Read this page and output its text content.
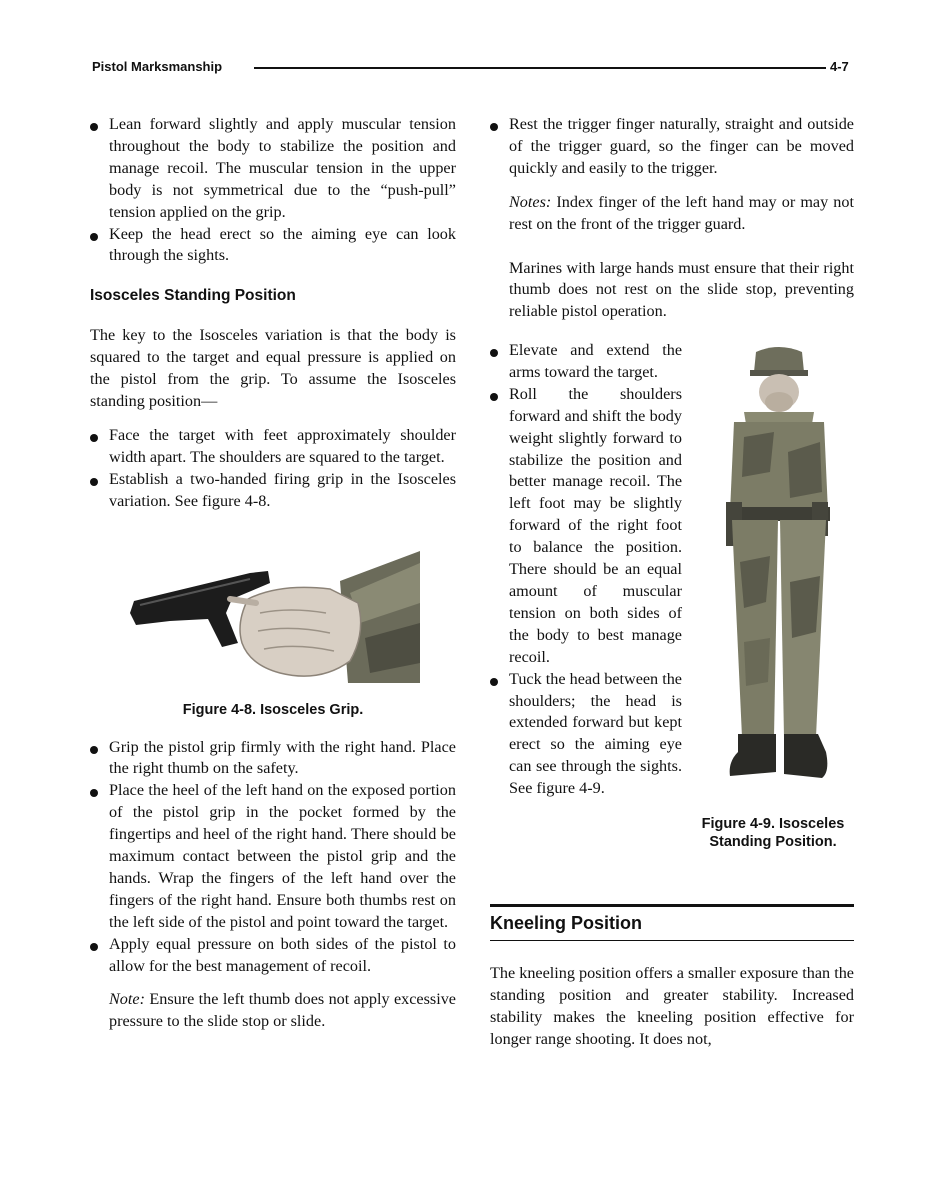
Pistol Marksmanship	4-7
Lean forward slightly and apply muscular tension throughout the body to stabilize the position and manage recoil. The muscular tension in the upper body is not symmetrical due to the “push-pull” tension applied on the grip.
Keep the head erect so the aiming eye can look through the sights.
Isosceles Standing Position

The key to the Isosceles variation is that the body is squared to the target and equal pressure is applied on the pistol from the grip. To assume the Isosceles standing position—

Face the target with feet approximately shoulder width apart. The shoulders are squared to the target.
Establish a two-handed firing grip in the Isosceles variation. See figure 4-8.
Figure 4-8. Isosceles Grip.
Grip the pistol grip firmly with the right hand. Place the right thumb on the safety.
Place the heel of the left hand on the exposed portion of the pistol grip in the pocket formed by the fingertips and heel of the right hand. There should be maximum contact between the pistol grip and the hands. Wrap the fingers of the left hand over the fingers of the right hand. Ensure both thumbs rest on the left side of the pistol and point toward the target.
Apply equal pressure on both sides of the pistol to allow for the best management of recoil.

Note: Ensure the left thumb does not apply excessive pressure to the slide stop or slide.

Rest the trigger finger naturally, straight and outside of the trigger guard, so the finger can be moved quickly and easily to the trigger.

Notes: Index finger of the left hand may or may not rest on the front of the trigger guard.

Marines with large hands must ensure that their right thumb does not rest on the slide stop, preventing reliable pistol operation.

Elevate and extend the arms toward the target.
Roll the shoulders forward and shift the body weight slightly forward to stabilize the position and better manage recoil. The left foot may be slightly forward of the right foot to balance the position. There should be an equal amount of muscular tension on both sides of the body to best manage recoil.
Tuck the head between the shoulders; the head is extended forward but kept erect so the aiming eye can see through the sights. See figure 4-9.
Figure 4-9. Isosceles Standing Position.
Kneeling Position

The kneeling position offers a smaller exposure than the standing position and greater stability. Increased stability makes the kneeling position effective for longer range shooting. It does not,
